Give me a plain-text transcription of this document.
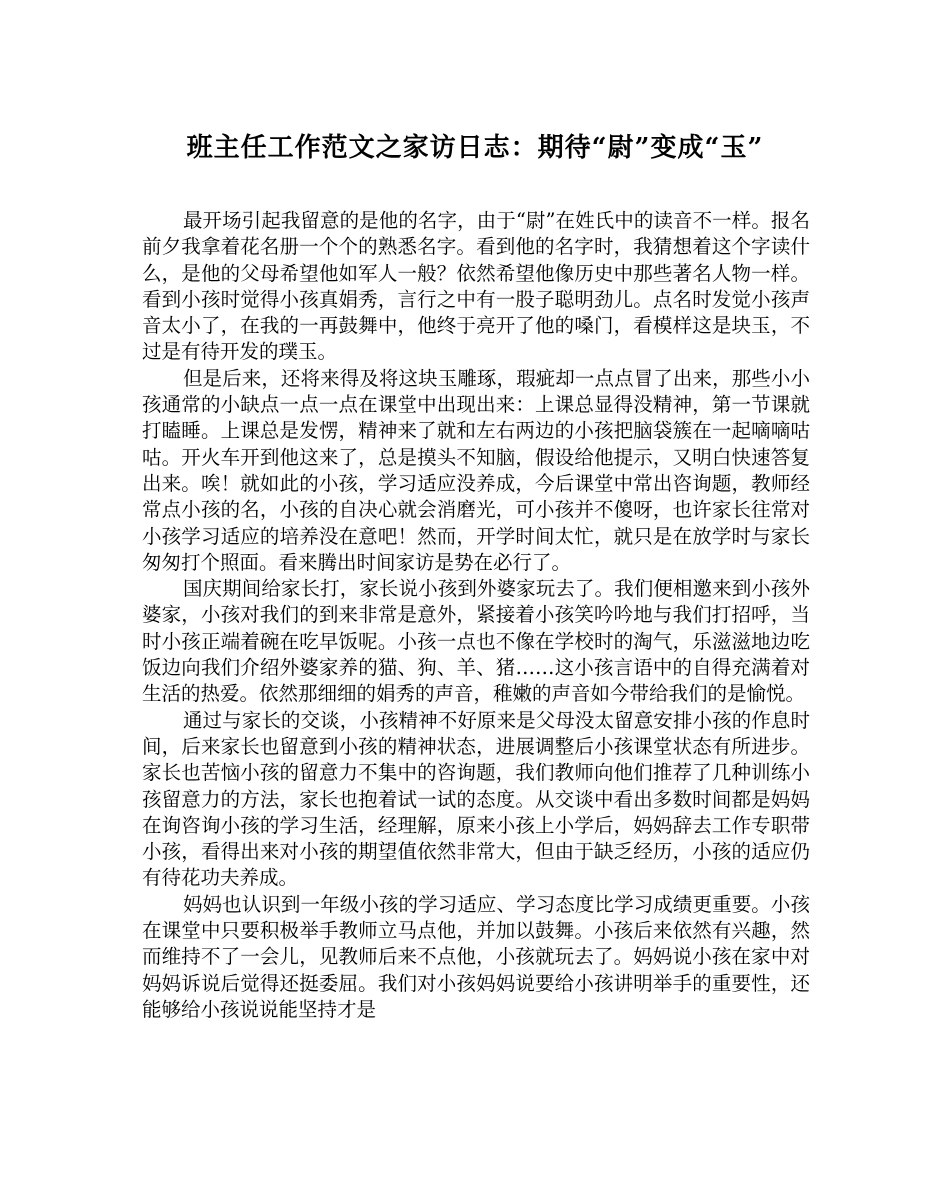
班主任工作范文之家访日志：期待“尉”变成“玉”

最开场引起我留意的是他的名字，由于“尉”在姓氏中的读音不一样。报名前夕我拿着花名册一个个的熟悉名字。看到他的名字时，我猜想着这个字读什么，是他的父母希望他如军人一般？依然希望他像历史中那些著名人物一样。看到小孩时觉得小孩真娟秀，言行之中有一股子聪明劲儿。点名时发觉小孩声音太小了，在我的一再鼓舞中，他终于亮开了他的嗓门，看模样这是块玉，不过是有待开发的璞玉。

但是后来，还将来得及将这块玉雕琢，瑕疵却一点点冒了出来，那些小小孩通常的小缺点一点一点在课堂中出现出来：上课总显得没精神，第一节课就打瞌睡。上课总是发愣，精神来了就和左右两边的小孩把脑袋簇在一起嘀嘀咕咕。开火车开到他这来了，总是摸头不知脑，假设给他提示，又明白快速答复出来。唉！就如此的小孩，学习适应没养成，今后课堂中常出咨询题，教师经常点小孩的名，小孩的自决心就会消磨光，可小孩并不傻呀，也许家长往常对小孩学习适应的培养没在意吧！然而，开学时间太忙，就只是在放学时与家长匆匆打个照面。看来腾出时间家访是势在必行了。

国庆期间给家长打，家长说小孩到外婆家玩去了。我们便相邀来到小孩外婆家，小孩对我们的到来非常是意外，紧接着小孩笑吟吟地与我们打招呼，当时小孩正端着碗在吃早饭呢。小孩一点也不像在学校时的淘气，乐滋滋地边吃饭边向我们介绍外婆家养的猫、狗、羊、猪……这小孩言语中的自得充满着对生活的热爱。依然那细细的娟秀的声音，稚嫩的声音如今带给我们的是愉悦。

通过与家长的交谈，小孩精神不好原来是父母没太留意安排小孩的作息时间，后来家长也留意到小孩的精神状态，进展调整后小孩课堂状态有所进步。家长也苦恼小孩的留意力不集中的咨询题，我们教师向他们推荐了几种训练小孩留意力的方法，家长也抱着试一试的态度。从交谈中看出多数时间都是妈妈在询咨询小孩的学习生活，经理解，原来小孩上小学后，妈妈辞去工作专职带小孩，看得出来对小孩的期望值依然非常大，但由于缺乏经历，小孩的适应仍有待花功夫养成。

妈妈也认识到一年级小孩的学习适应、学习态度比学习成绩更重要。小孩在课堂中只要积极举手教师立马点他，并加以鼓舞。小孩后来依然有兴趣，然而维持不了一会儿，见教师后来不点他，小孩就玩去了。妈妈说小孩在家中对妈妈诉说后觉得还挺委屈。我们对小孩妈妈说要给小孩讲明举手的重要性，还能够给小孩说说能坚持才是
